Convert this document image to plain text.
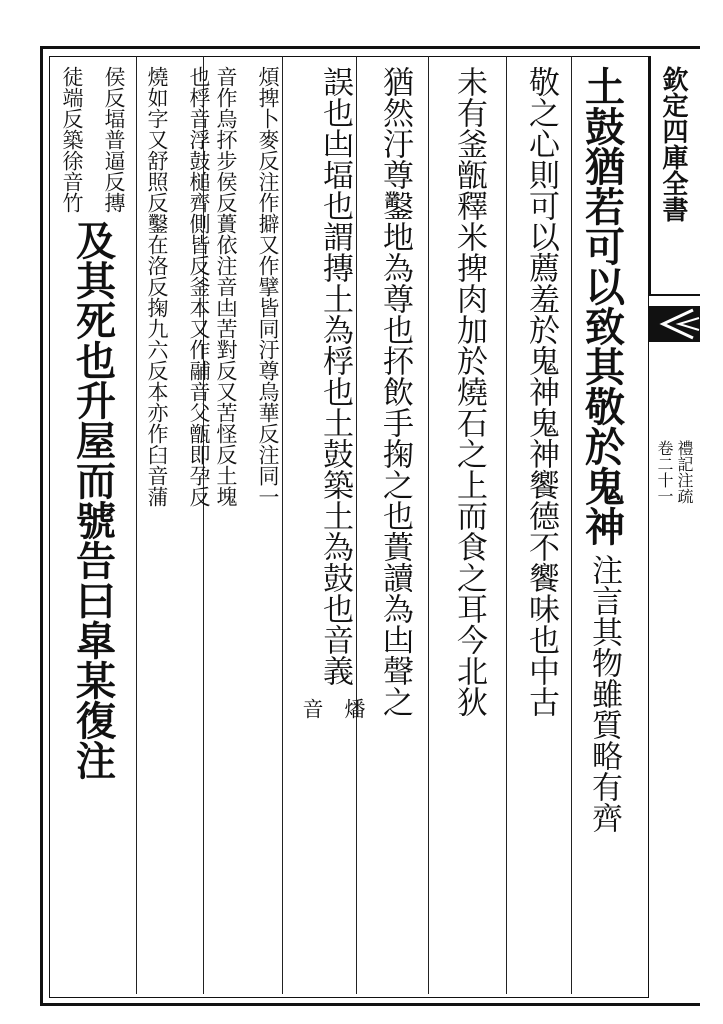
欽定四庫全書
禮記注疏
卷二十一
土鼓猶若可以致其敬於鬼神
注言其物雖質略有齊
敬之心則可以薦羞於鬼神鬼神饗德不饗味也中古
未有釜甑釋米捭肉加於燒石之上而食之耳今北狄
猶然汙尊鑿地為尊也抔飲手掬之也蕢讀為凷聲之
誤也凷堛也謂摶土為桴也土鼓築土為鼓也音義
燔
音
煩捭卜麥反注作擗又作擘皆同汙尊烏華反注同一
音作烏抔步侯反蕢依注音凷苦對反又苦怪反土塊
也桴音浮鼓槌齊側皆反釜本又作鬴音父甑即孕反
燒如字又舒照反鑿在洛反掬九六反本亦作臼音蒲
侯反堛普逼反摶
徒端反築徐音竹
及其死也升屋而號告曰皐某復注
